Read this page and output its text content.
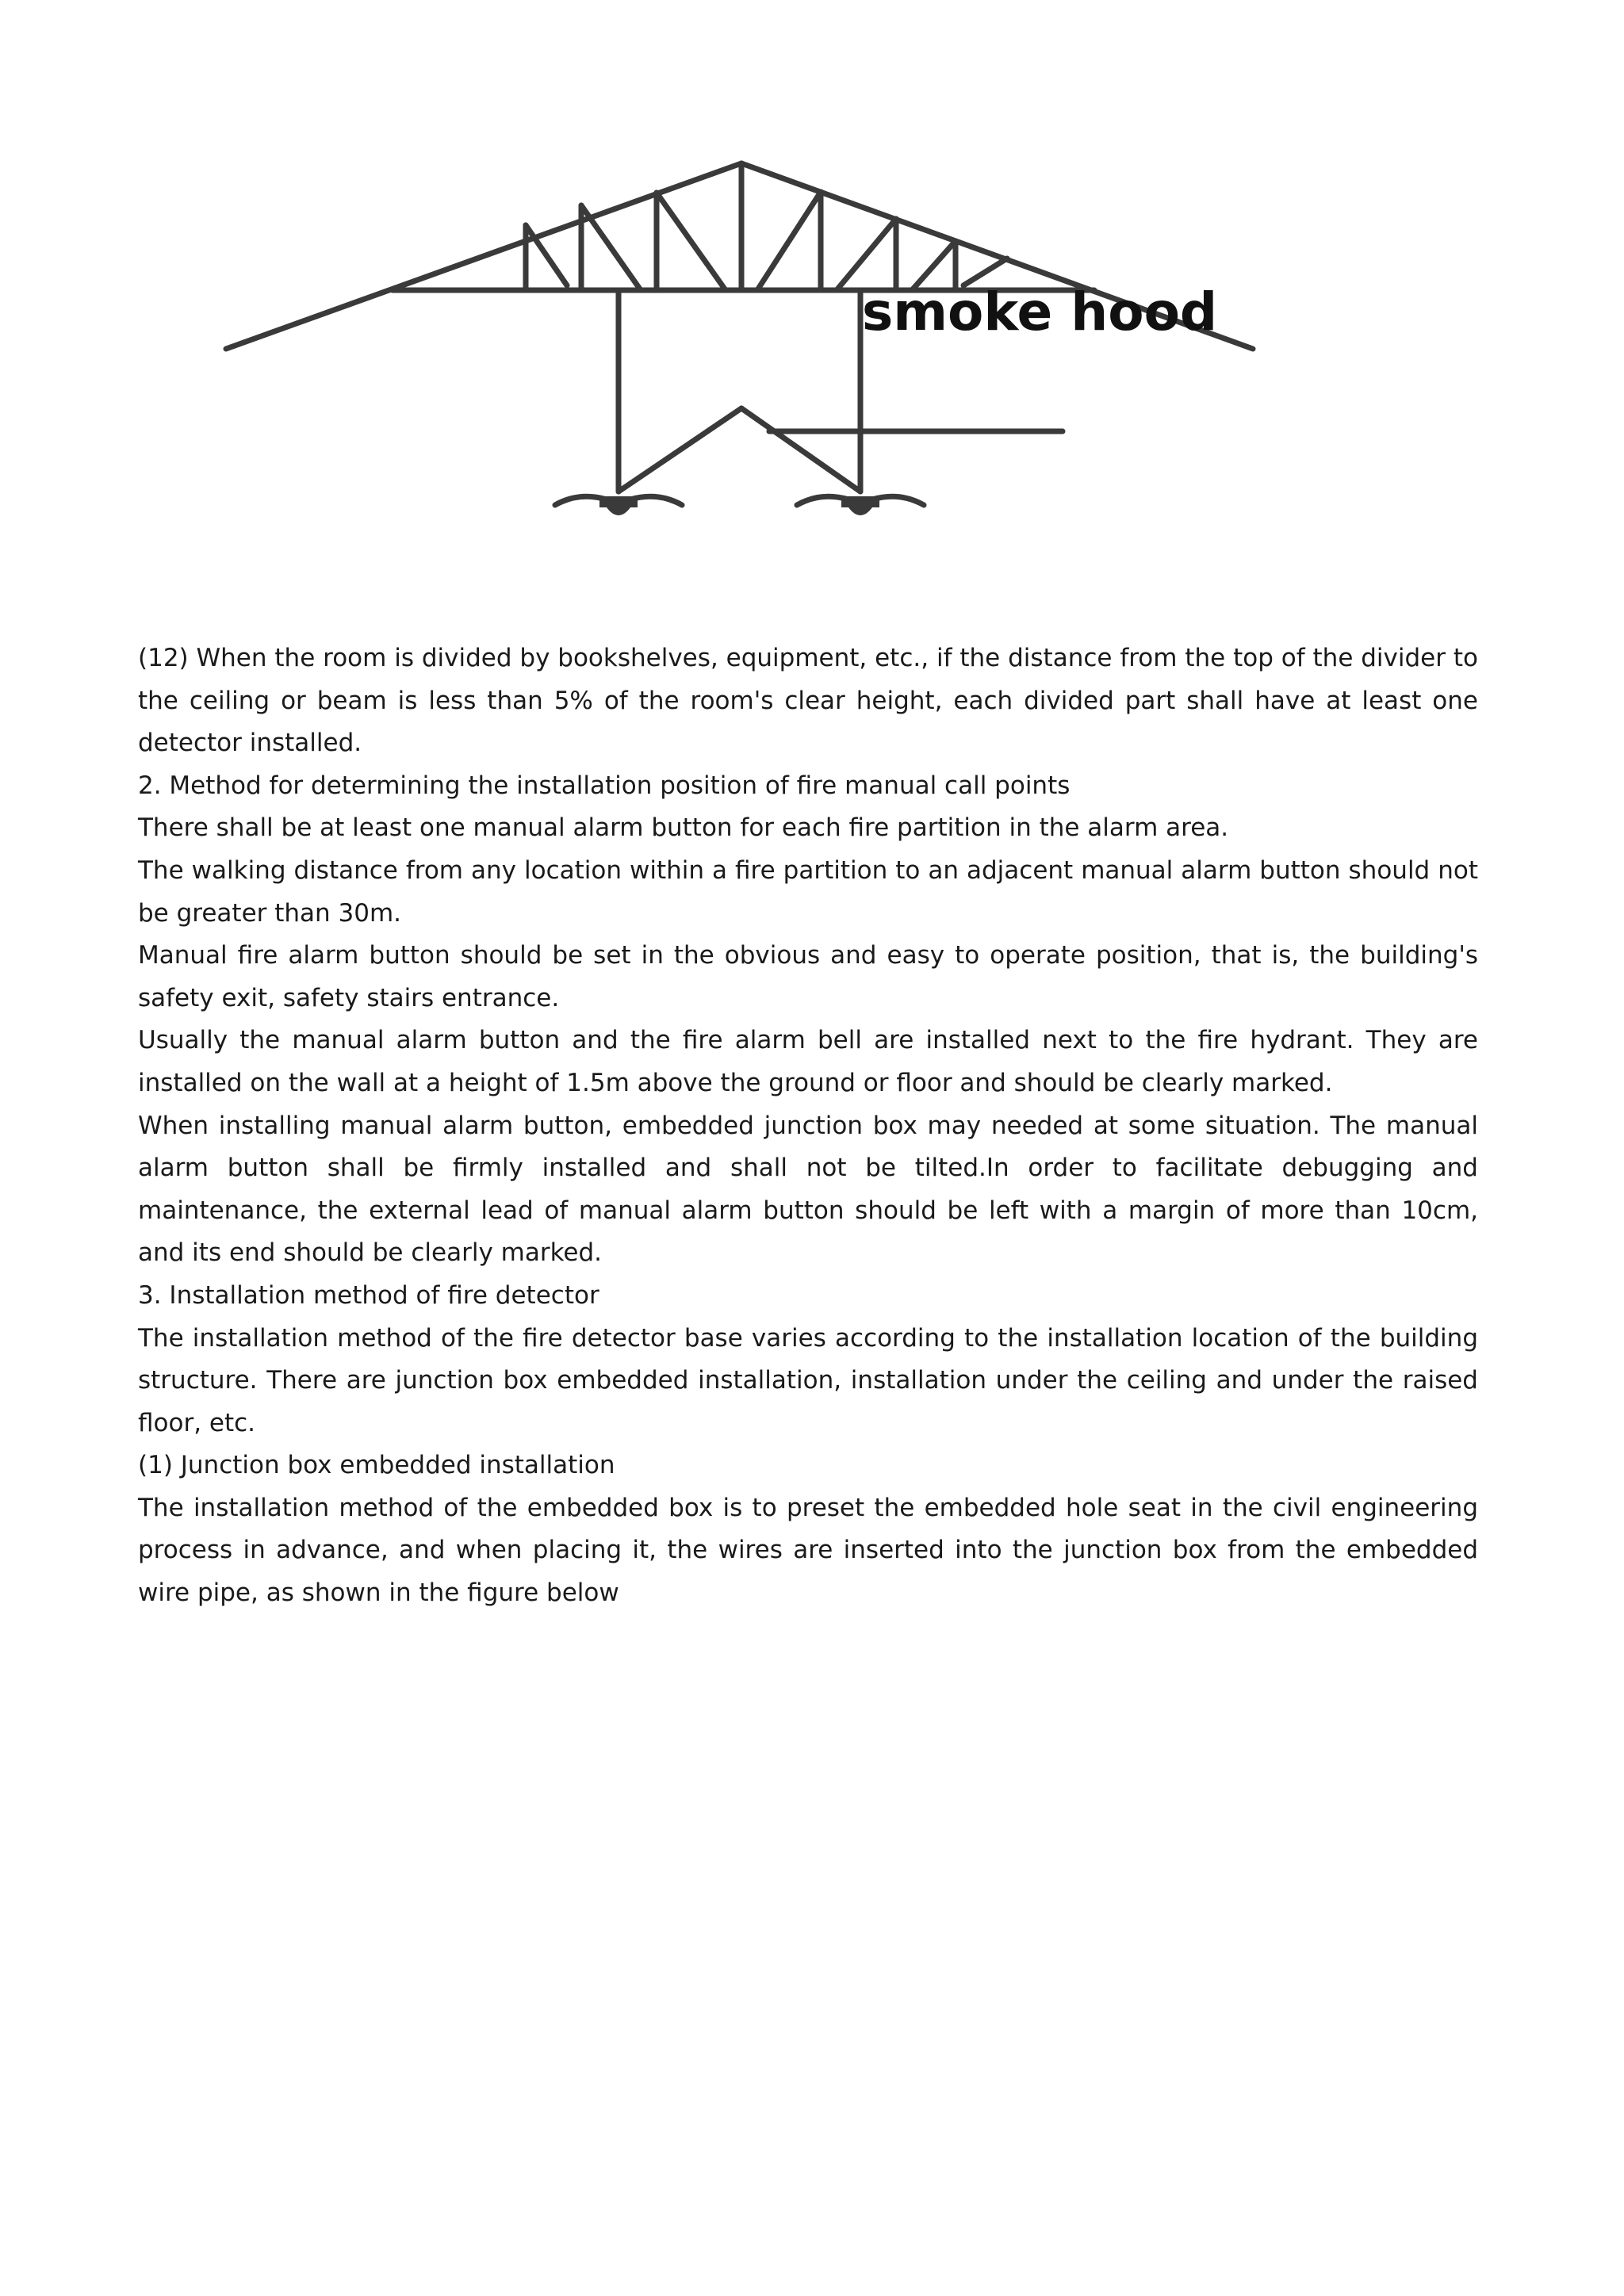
smoke hood

(12) When the room is divided by bookshelves, equipment, etc., if the distance from the top of the divider to the ceiling or beam is less than 5% of the room's clear height, each divided part shall have at least one detector installed.

2. Method for determining the installation position of fire manual call points

There shall be at least one manual alarm button for each fire partition in the alarm area.

The walking distance from any location within a fire partition to an adjacent manual alarm button should not be greater than 30m.

Manual fire alarm button should be set in the obvious and easy to operate position, that is, the building's safety exit, safety stairs entrance.

Usually the manual alarm button and the fire alarm bell are installed next to the fire hydrant. They are installed on the wall at a height of 1.5m above the ground or floor and should be clearly marked.

When installing manual alarm button, embedded junction box may needed at some situation. The manual alarm button shall be firmly installed and shall not be tilted.In order to facilitate debugging and maintenance, the external lead of manual alarm button should be left with a margin of more than 10cm, and its end should be clearly marked.

3. Installation method of fire detector

The installation method of the fire detector base varies according to the installation location of the building structure. There are junction box embedded installation, installation under the ceiling and under the raised floor, etc.

(1) Junction box embedded installation

The installation method of the embedded box is to preset the embedded hole seat in the civil engineering process in advance, and when placing it, the wires are inserted into the junction box from the embedded wire pipe, as shown in the figure below
